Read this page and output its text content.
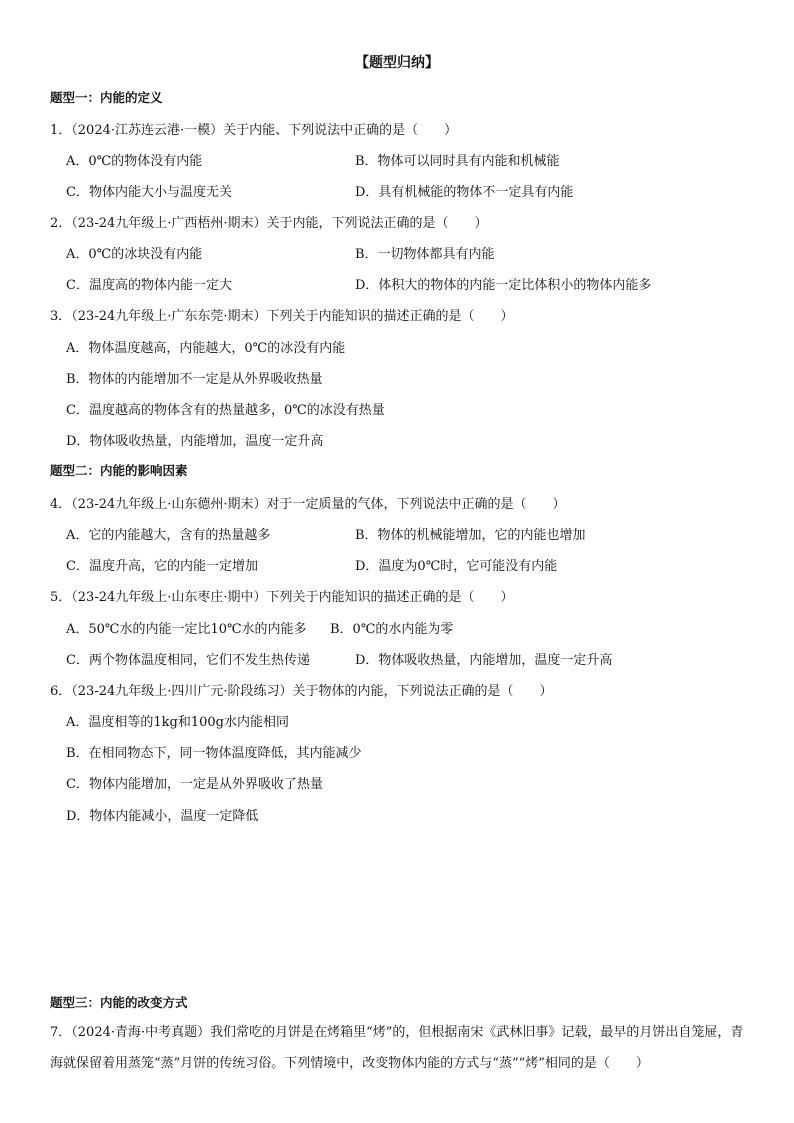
【题型归纳】
题型一：内能的定义
1．（2024·江苏连云港·一模）关于内能、下列说法中正确的是（　　）
A．0℃的物体没有内能	B．物体可以同时具有内能和机械能
C．物体内能大小与温度无关	D．具有机械能的物体不一定具有内能
2．（23-24九年级上·广西梧州·期末）关于内能，下列说法正确的是（　　）
A．0℃的冰块没有内能	B．一切物体都具有内能
C．温度高的物体内能一定大	D．体积大的物体的内能一定比体积小的物体内能多
3．（23-24九年级上·广东东莞·期末）下列关于内能知识的描述正确的是（　　）
A．物体温度越高，内能越大，0℃的冰没有内能
B．物体的内能增加不一定是从外界吸收热量
C．温度越高的物体含有的热量越多，0℃的冰没有热量
D．物体吸收热量，内能增加，温度一定升高
题型二：内能的影响因素
4．（23-24九年级上·山东德州·期末）对于一定质量的气体，下列说法中正确的是（　　）
A．它的内能越大，含有的热量越多	B．物体的机械能增加，它的内能也增加
C．温度升高，它的内能一定增加	D．温度为0℃时，它可能没有内能
5．（23-24九年级上·山东枣庄·期中）下列关于内能知识的描述正确的是（　　）
A．50℃水的内能一定比10℃水的内能多 B．0℃的水内能为零
C．两个物体温度相同，它们不发生热传递	D．物体吸收热量，内能增加，温度一定升高
6．（23-24九年级上·四川广元·阶段练习）关于物体的内能，下列说法正确的是（　　）
A．温度相等的1kg和100g水内能相同
B．在相同物态下，同一物体温度降低，其内能减少
C．物体内能增加，一定是从外界吸收了热量
D．物体内能减小，温度一定降低
题型三：内能的改变方式
7．（2024·青海·中考真题）我们常吃的月饼是在烤箱里“烤”的，但根据南宋《武林旧事》记载，最早的月饼出自笼屉，青海就保留着用蒸笼“蒸”月饼的传统习俗。下列情境中，改变物体内能的方式与“蒸”“烤”相同的是（　　）
